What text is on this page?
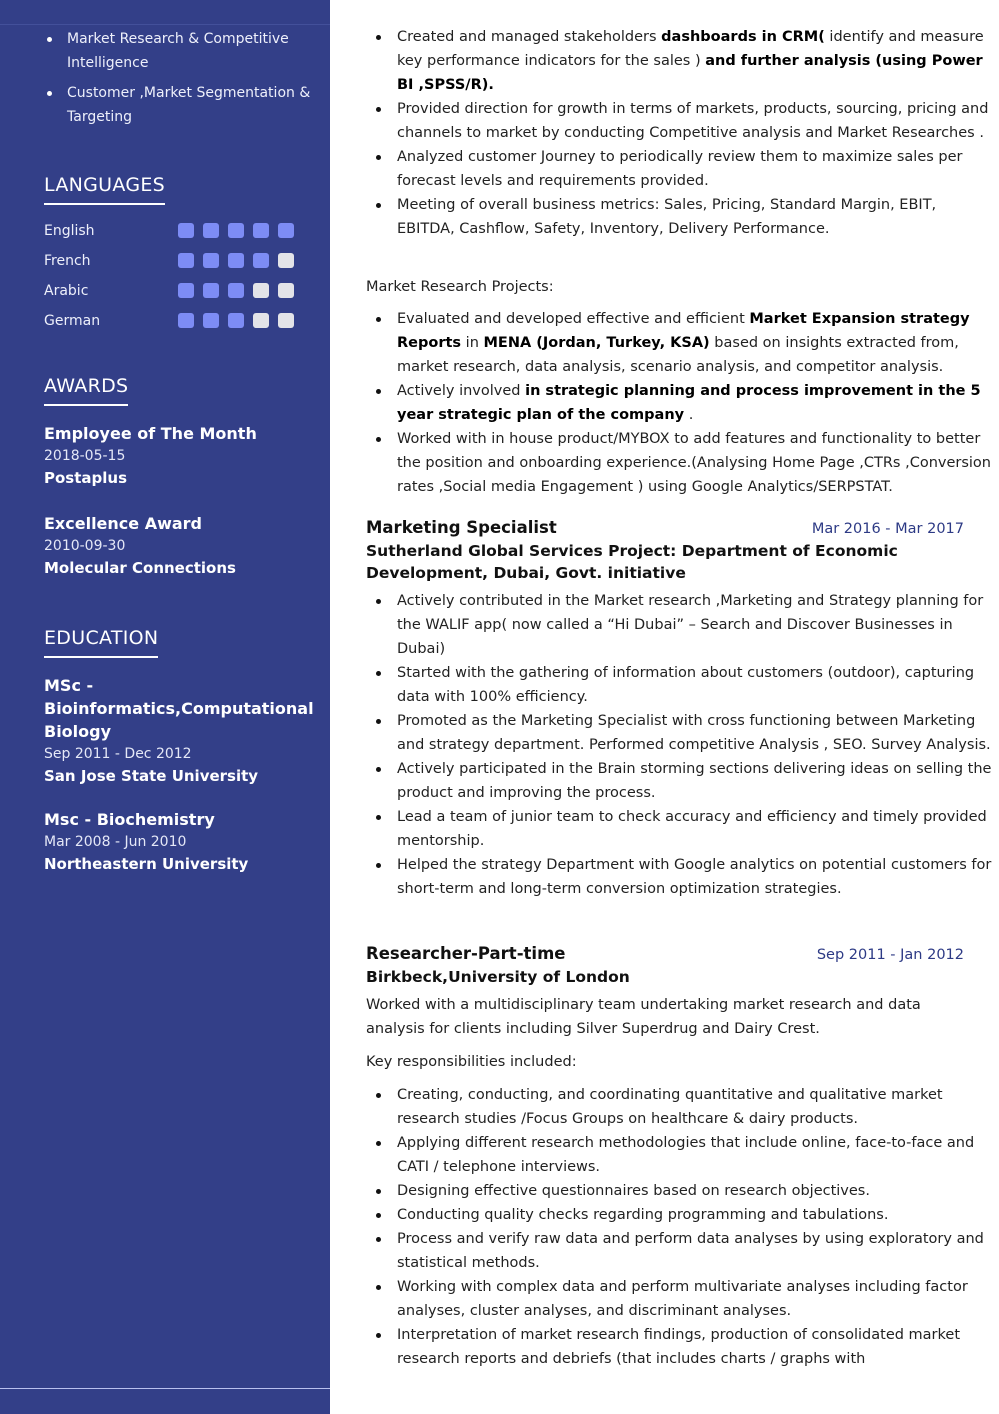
Market Research & Competitive Intelligence
Customer ,Market Segmentation & Targeting
LANGUAGES
English
French
Arabic
German
AWARDS
Employee of The Month
2018-05-15
Postaplus
Excellence Award
2010-09-30
Molecular Connections
EDUCATION
MSc - Bioinformatics,Computational Biology
Sep 2011 - Dec 2012
San Jose State University
Msc - Biochemistry
Mar 2008 - Jun 2010
Northeastern University
Created and managed stakeholders dashboards in CRM( identify and measure key performance indicators for the sales ) and further analysis (using Power BI ,SPSS/R).
Provided direction for growth in terms of markets, products, sourcing, pricing and channels to market by conducting Competitive analysis and Market Researches .
Analyzed customer Journey to periodically review them to maximize sales per forecast levels and requirements provided.
Meeting of overall business metrics: Sales, Pricing, Standard Margin, EBIT, EBITDA, Cashflow, Safety, Inventory, Delivery Performance.
Market Research Projects:
Evaluated and developed effective and efficient Market Expansion strategy Reports in MENA (Jordan, Turkey, KSA) based on insights extracted from, market research, data analysis, scenario analysis, and competitor analysis.
Actively involved in strategic planning and process improvement in the 5 year strategic plan of the company .
Worked with in house product/MYBOX to add features and functionality to better the position and onboarding experience.(Analysing Home Page ,CTRs ,Conversion rates ,Social media Engagement ) using Google Analytics/SERPSTAT.
Marketing Specialist	Mar 2016 - Mar 2017
Sutherland Global Services Project: Department of Economic Development, Dubai, Govt. initiative
Actively contributed in the Market research ,Marketing and Strategy planning for the WALIF app( now called a “Hi Dubai” – Search and Discover Businesses in Dubai)
Started with the gathering of information about customers (outdoor), capturing data with 100% efficiency.
Promoted as the Marketing Specialist with cross functioning between Marketing and strategy department. Performed competitive Analysis , SEO. Survey Analysis.
Actively participated in the Brain storming sections delivering ideas on selling the product and improving the process.
Lead a team of junior team to check accuracy and efficiency and timely provided mentorship.
Helped the strategy Department with Google analytics on potential customers for short-term and long-term conversion optimization strategies.
Researcher-Part-time	Sep 2011 - Jan 2012
Birkbeck,University of London
Worked with a multidisciplinary team undertaking market research and data analysis for clients including Silver Superdrug and Dairy Crest.
Key responsibilities included:
Creating, conducting, and coordinating quantitative and qualitative market research studies /Focus Groups on healthcare & dairy products.
Applying different research methodologies that include online, face-to-face and CATI / telephone interviews.
Designing effective questionnaires based on research objectives.
Conducting quality checks regarding programming and tabulations.
Process and verify raw data and perform data analyses by using exploratory and statistical methods.
Working with complex data and perform multivariate analyses including factor analyses, cluster analyses, and discriminant analyses.
Interpretation of market research findings, production of consolidated market research reports and debriefs (that includes charts / graphs with
